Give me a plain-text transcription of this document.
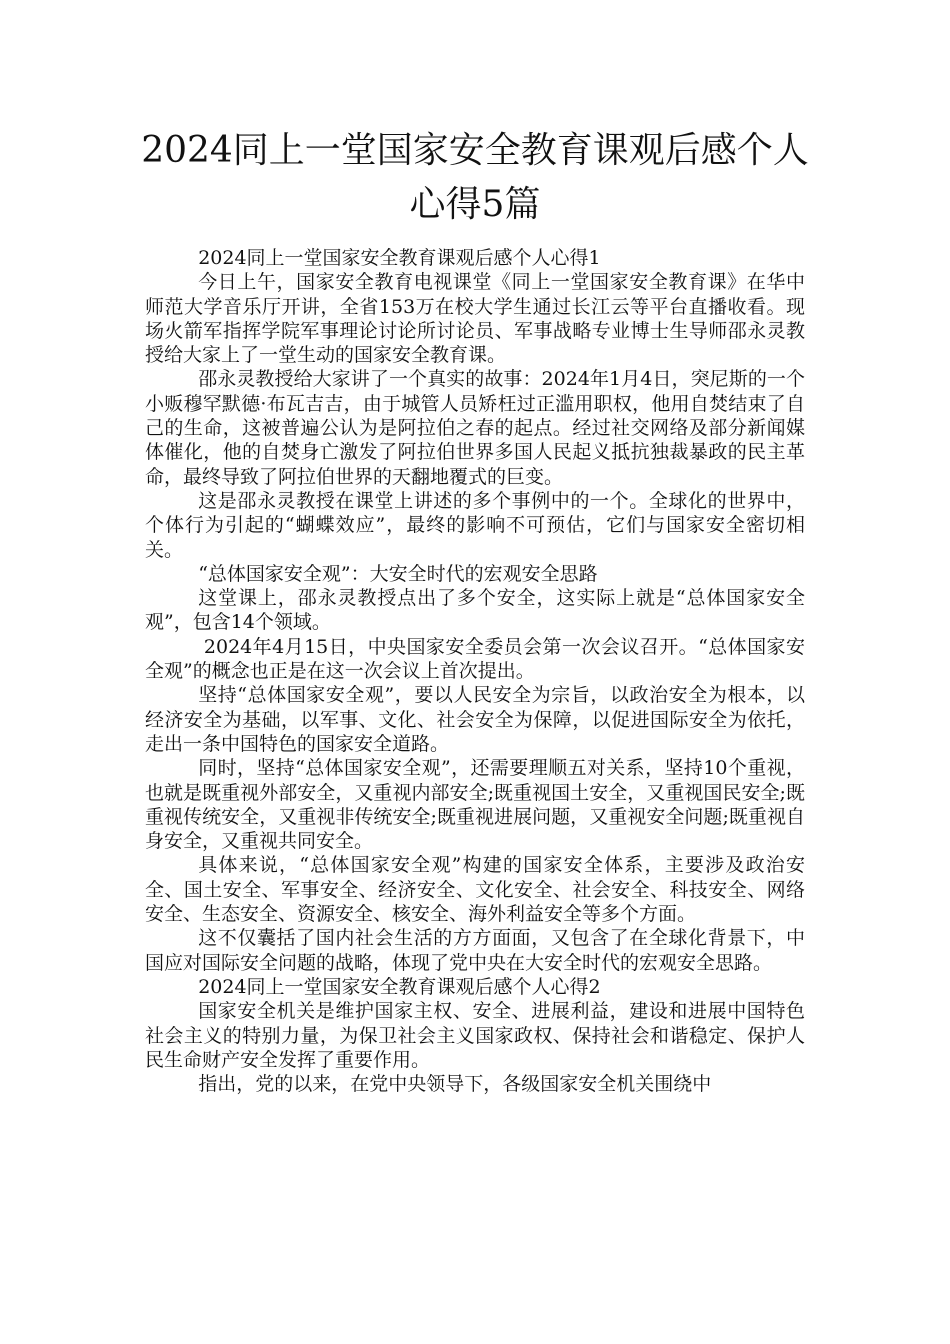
2024同上一堂国家安全教育课观后感个人心得5篇

2024同上一堂国家安全教育课观后感个人心得1

今日上午，国家安全教育电视课堂《同上一堂国家安全教育课》在华中师范大学音乐厅开讲，全省153万在校大学生通过长江云等平台直播收看。现场火箭军指挥学院军事理论讨论所讨论员、军事战略专业博士生导师邵永灵教授给大家上了一堂生动的国家安全教育课。

邵永灵教授给大家讲了一个真实的故事：2024年1月4日，突尼斯的一个小贩穆罕默德·布瓦吉吉，由于城管人员矫枉过正滥用职权，他用自焚结束了自己的生命，这被普遍公认为是阿拉伯之春的起点。经过社交网络及部分新闻媒体催化，他的自焚身亡激发了阿拉伯世界多国人民起义抵抗独裁暴政的民主革命，最终导致了阿拉伯世界的天翻地覆式的巨变。

这是邵永灵教授在课堂上讲述的多个事例中的一个。全球化的世界中，个体行为引起的“蝴蝶效应”，最终的影响不可预估，它们与国家安全密切相关。

“总体国家安全观”：大安全时代的宏观安全思路

这堂课上，邵永灵教授点出了多个安全，这实际上就是“总体国家安全观”，包含14个领域。

2024年4月15日，中央国家安全委员会第一次会议召开。“总体国家安全观”的概念也正是在这一次会议上首次提出。

坚持“总体国家安全观”，要以人民安全为宗旨，以政治安全为根本，以经济安全为基础，以军事、文化、社会安全为保障，以促进国际安全为依托，走出一条中国特色的国家安全道路。

同时，坚持“总体国家安全观”，还需要理顺五对关系，坚持10个重视，也就是既重视外部安全，又重视内部安全;既重视国土安全，又重视国民安全;既重视传统安全，又重视非传统安全;既重视进展问题，又重视安全问题;既重视自身安全，又重视共同安全。

具体来说，“总体国家安全观”构建的国家安全体系，主要涉及政治安全、国土安全、军事安全、经济安全、文化安全、社会安全、科技安全、网络安全、生态安全、资源安全、核安全、海外利益安全等多个方面。

这不仅囊括了国内社会生活的方方面面，又包含了在全球化背景下，中国应对国际安全问题的战略，体现了党中央在大安全时代的宏观安全思路。

2024同上一堂国家安全教育课观后感个人心得2

国家安全机关是维护国家主权、安全、进展利益，建设和进展中国特色社会主义的特别力量，为保卫社会主义国家政权、保持社会和谐稳定、保护人民生命财产安全发挥了重要作用。

指出，党的以来，在党中央领导下，各级国家安全机关围绕中
